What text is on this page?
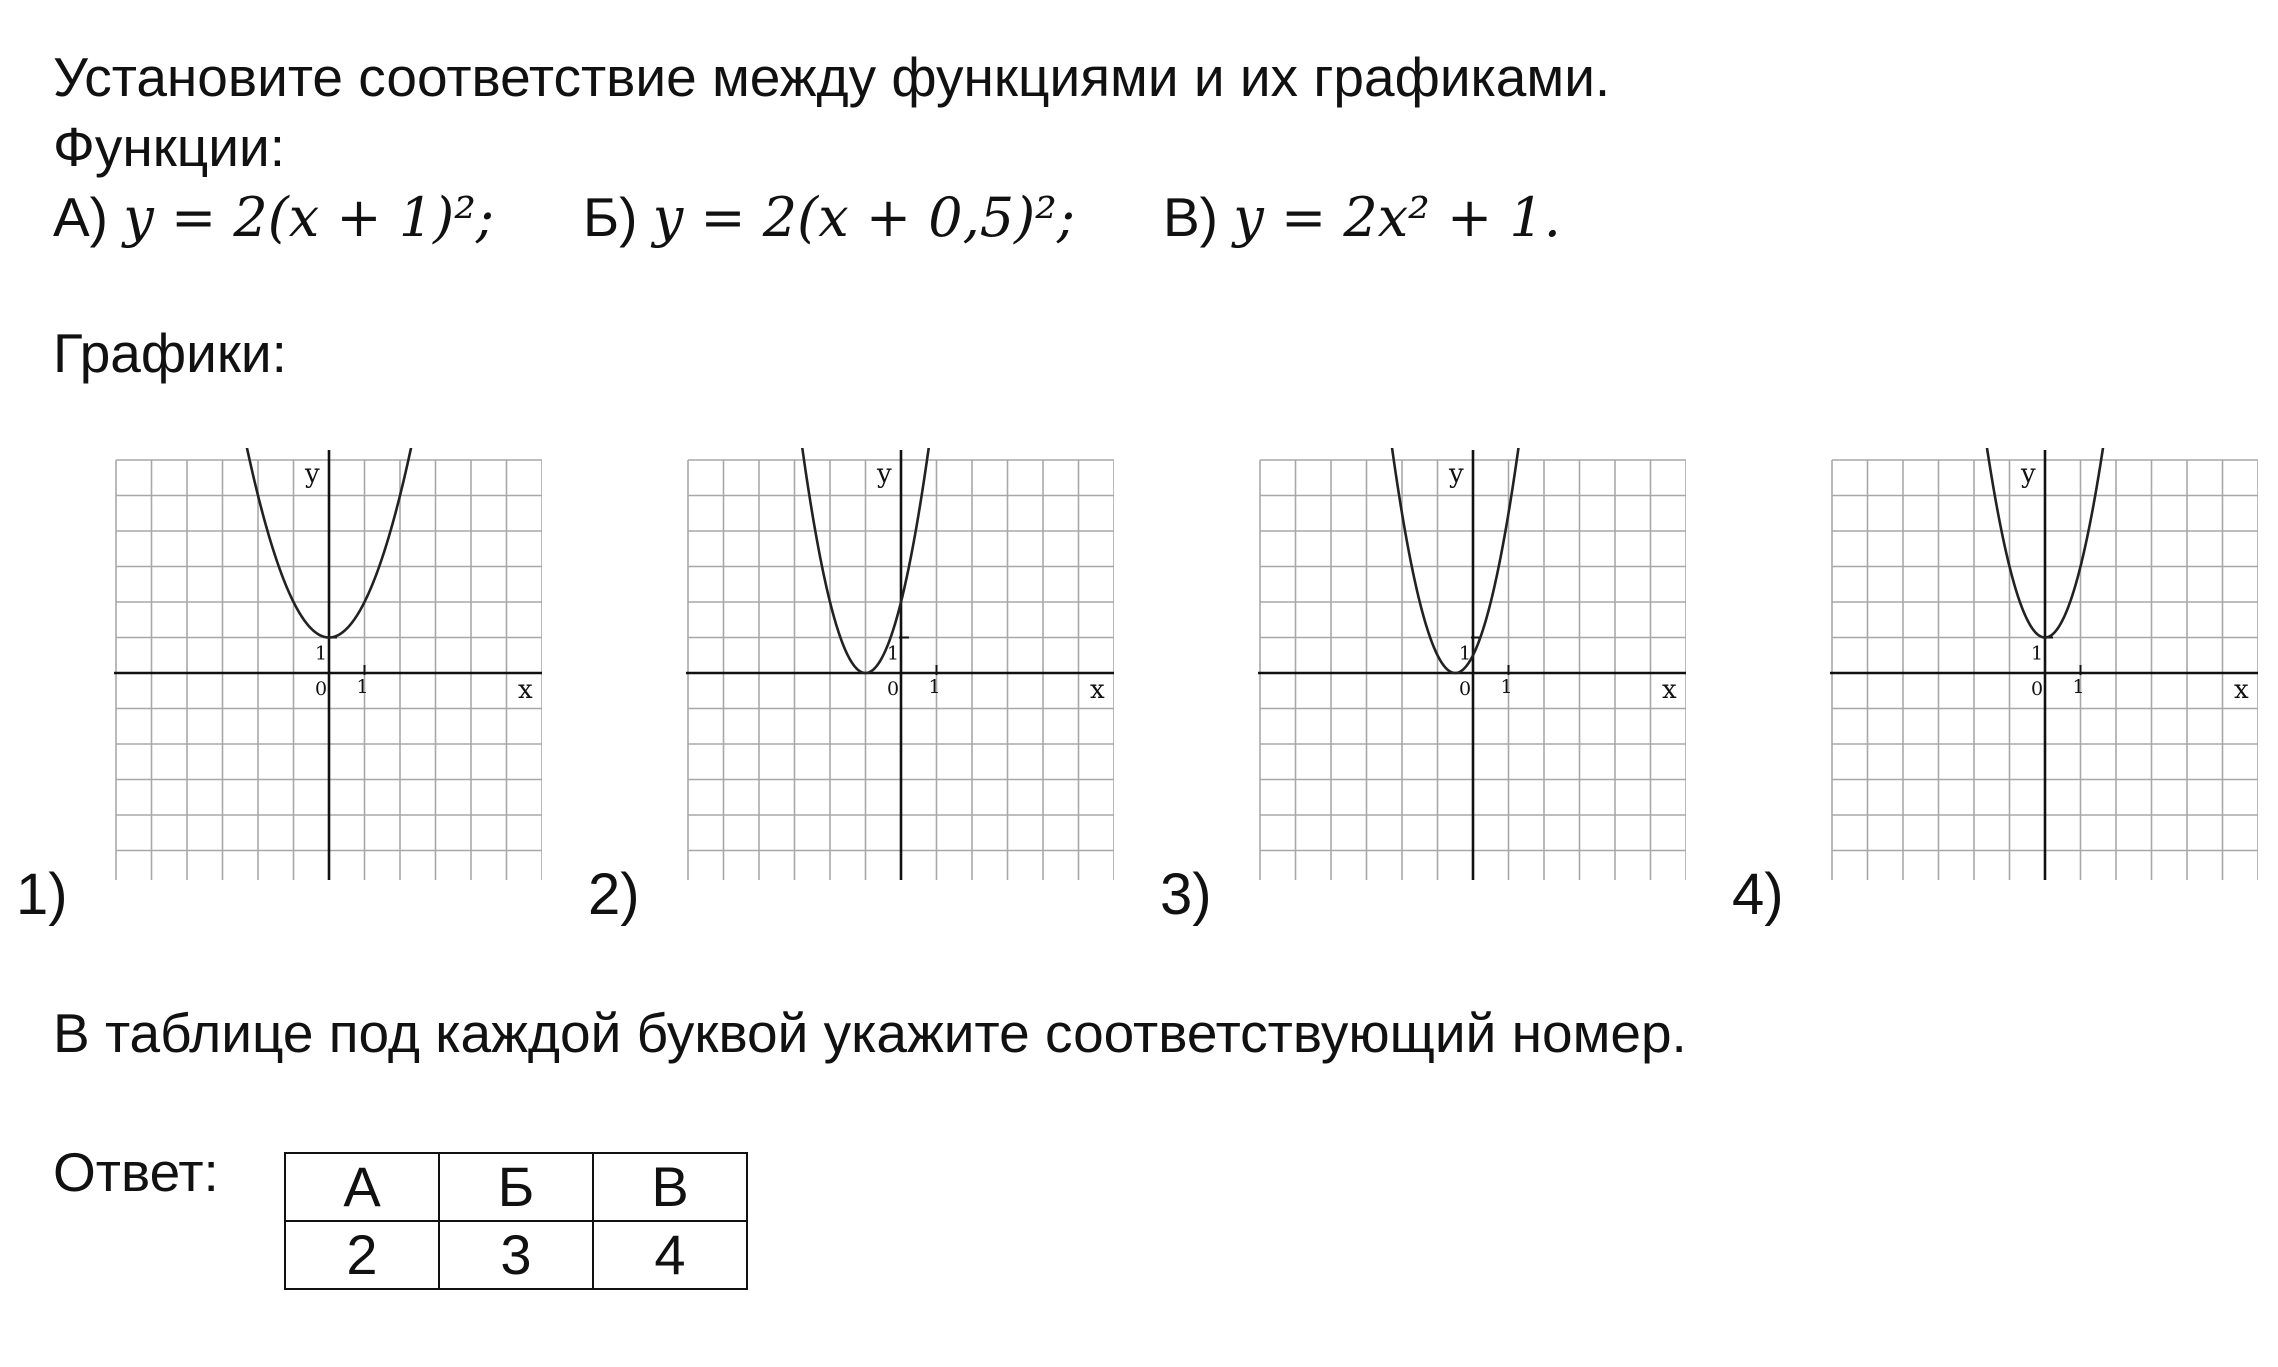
Установите соответствие между функциями и их графиками.
Функции:
А) y = 2(x + 1)²; Б) y = 2(x + 0,5)²; В) y = 2x² + 1.
Графики:
y
x
0 1
1
y
x
0 1
1
y
x
0 1
1
y
x
0 1
1
1)	2)	3)	4)
В таблице под каждой буквой укажите соответствующий номер.
Ответ: А	Б	В
2	3	4
